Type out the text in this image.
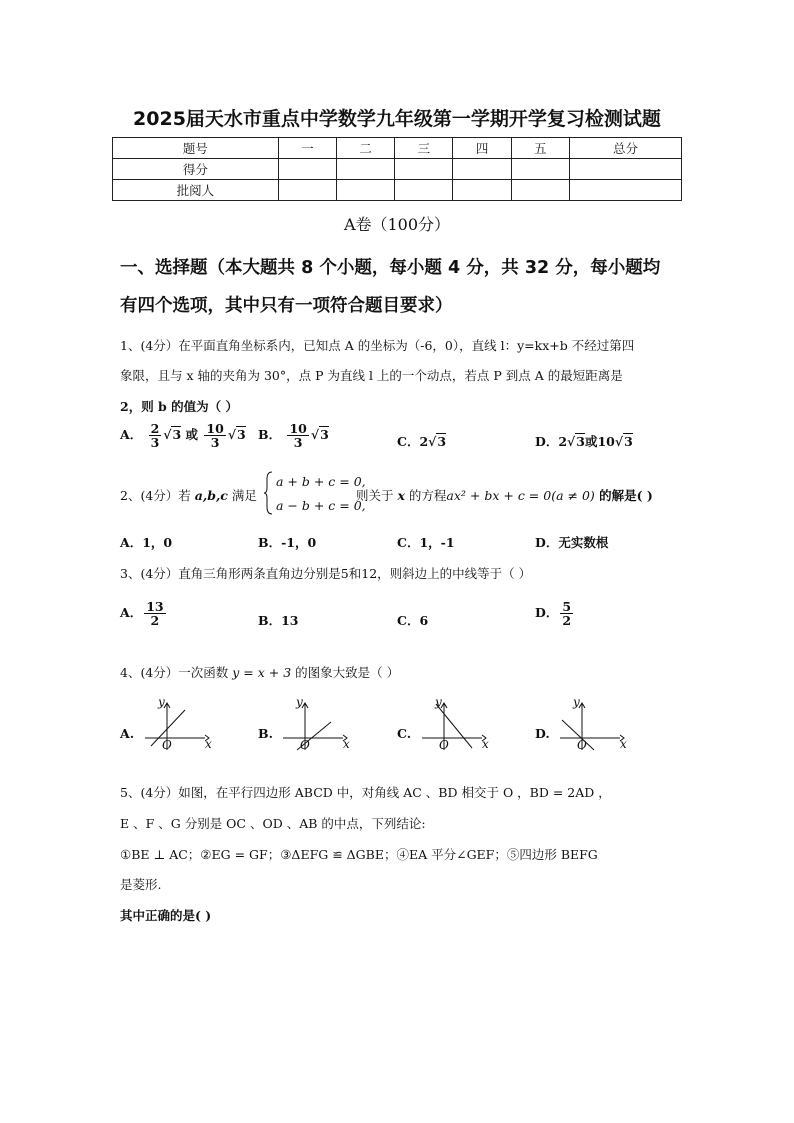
2025届天水市重点中学数学九年级第一学期开学复习检测试题
题号	一	二	三	四	五	总分
得分						
批阅人						
A卷（100分）
一、选择题（本大题共 8 个小题，每小题 4 分，共 32 分，每小题均
有四个选项，其中只有一项符合题目要求）
1、(4分）在平面直角坐标系内，已知点 A 的坐标为（-6，0），直线 l：y=kx+b 不经过第四
象限，且与 x 轴的夹角为 30°，点 P 为直线 l 上的一个动点，若点 P 到点 A 的最短距离是
2，则 b 的值为（ ）
A． $\frac{2}{3} √3$ 或 $\frac{10}{3} √3$ B． $\frac{10}{3} √3$	C．2√3	D．2√3或10√3
2、(4分）若 a,b,c 满足
a + b + c = 0,
a − b + c = 0,
则关于 x 的方程ax² + bx + c = 0(a ≠ 0) 的解是( )
A．1，0	B．-1，0	C．1，-1	D．无实数根
3、(4分）直角三角形两条直角边分别是5和12，则斜边上的中线等于（ ）
A． $\frac{13}{2}$	B．13	C．6
D． $\frac{5}{2}$
4、(4分）一次函数 y = x + 3 的图象大致是（ ）
A.
y
x
O
B.
y
x
O
C.
y
x
O
D.
y
x
O
5、(4分）如图，在平行四边形 ABCD 中，对角线 AC 、BD 相交于 O ，BD = 2AD ，
E 、F 、G 分别是 OC 、OD 、AB 的中点，下列结论:
①BE ⊥ AC；②EG = GF；③ΔEFG ≌ ΔGBE；④EA 平分∠GEF；⑤四边形 BEFG
是菱形.
其中正确的是( )
